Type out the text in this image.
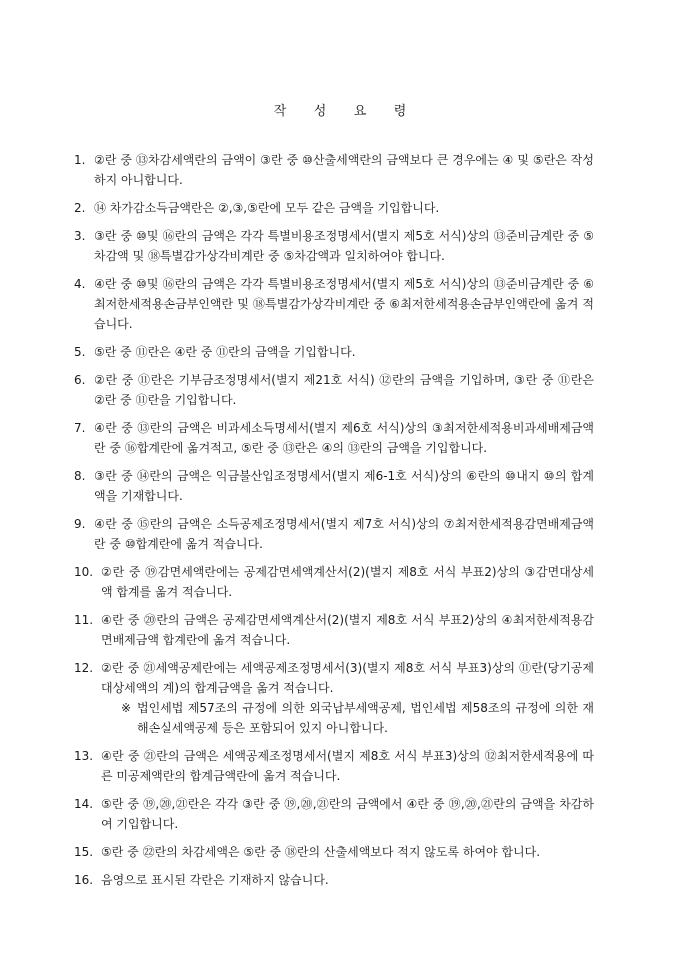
작 성 요 령
1. ②란 중 ⑬차감세액란의 금액이 ③란 중 ⑩산출세액란의 금액보다 큰 경우에는 ④ 및 ⑤란은 작성하지 아니합니다.
2. ⑭ 차가감소득금액란은 ②,③,⑤란에 모두 같은 금액을 기입합니다.
3. ③란 중 ⑩및 ⑯란의 금액은 각각 특별비용조정명세서(별지 제5호 서식)상의 ⑬준비금계란 중 ⑤차감액 및 ⑱특별감가상각비계란 중 ⑤차감액과 일치하여야 합니다.
4. ④란 중 ⑩및 ⑯란의 금액은 각각 특별비용조정명세서(별지 제5호 서식)상의 ⑬준비금계란 중 ⑥최저한세적용손금부인액란 및 ⑱특별감가상각비계란 중 ⑥최저한세적용손금부인액란에 옮겨 적습니다.
5. ⑤란 중 ⑪란은 ④란 중 ⑪란의 금액을 기입합니다.
6. ②란 중 ⑪란은 기부금조정명세서(별지 제21호 서식) ⑫란의 금액을 기입하며, ③란 중 ⑪란은 ②란 중 ⑪란을 기입합니다.
7. ④란 중 ⑬란의 금액은 비과세소득명세서(별지 제6호 서식)상의 ③최저한세적용비과세배제금액란 중 ⑯합계란에 옮겨적고, ⑤란 중 ⑬란은 ④의 ⑬란의 금액을 기입합니다.
8. ③란 중 ⑭란의 금액은 익금불산입조정명세서(별지 제6-1호 서식)상의 ⑥란의 ⑩내지 ⑩의 합계액을 기재합니다.
9. ④란 중 ⑮란의 금액은 소득공제조정명세서(별지 제7호 서식)상의 ⑦최저한세적용감면배제금액란 중 ⑩합계란에 옮겨 적습니다.
10. ②란 중 ⑲감면세액란에는 공제감면세액계산서(2)(별지 제8호 서식 부표2)상의 ③감면대상세액 합계를 옮겨 적습니다.
11. ④란 중 ⑳란의 금액은 공제감면세액계산서(2)(별지 제8호 서식 부표2)상의 ④최저한세적용감면배제금액 합계란에 옮겨 적습니다.
12. ②란 중 ㉑세액공제란에는 세액공제조정명세서(3)(별지 제8호 서식 부표3)상의 ⑪란(당기공제대상세액의 계)의 합계금액을 옮겨 적습니다.
※ 법인세법 제57조의 규정에 의한 외국납부세액공제, 법인세법 제58조의 규정에 의한 재해손실세액공제 등은 포함되어 있지 아니합니다.
13. ④란 중 ㉑란의 금액은 세액공제조정명세서(별지 제8호 서식 부표3)상의 ⑫최저한세적용에 따른 미공제액란의 합계금액란에 옮겨 적습니다.
14. ⑤란 중 ⑲,⑳,㉑란은 각각 ③란 중 ⑲,⑳,㉑란의 금액에서 ④란 중 ⑲,⑳,㉑란의 금액을 차감하여 기입합니다.
15. ⑤란 중 ㉒란의 차감세액은 ⑤란 중 ⑱란의 산출세액보다 적지 않도록 하여야 합니다.
16. 음영으로 표시된 각란은 기재하지 않습니다.
